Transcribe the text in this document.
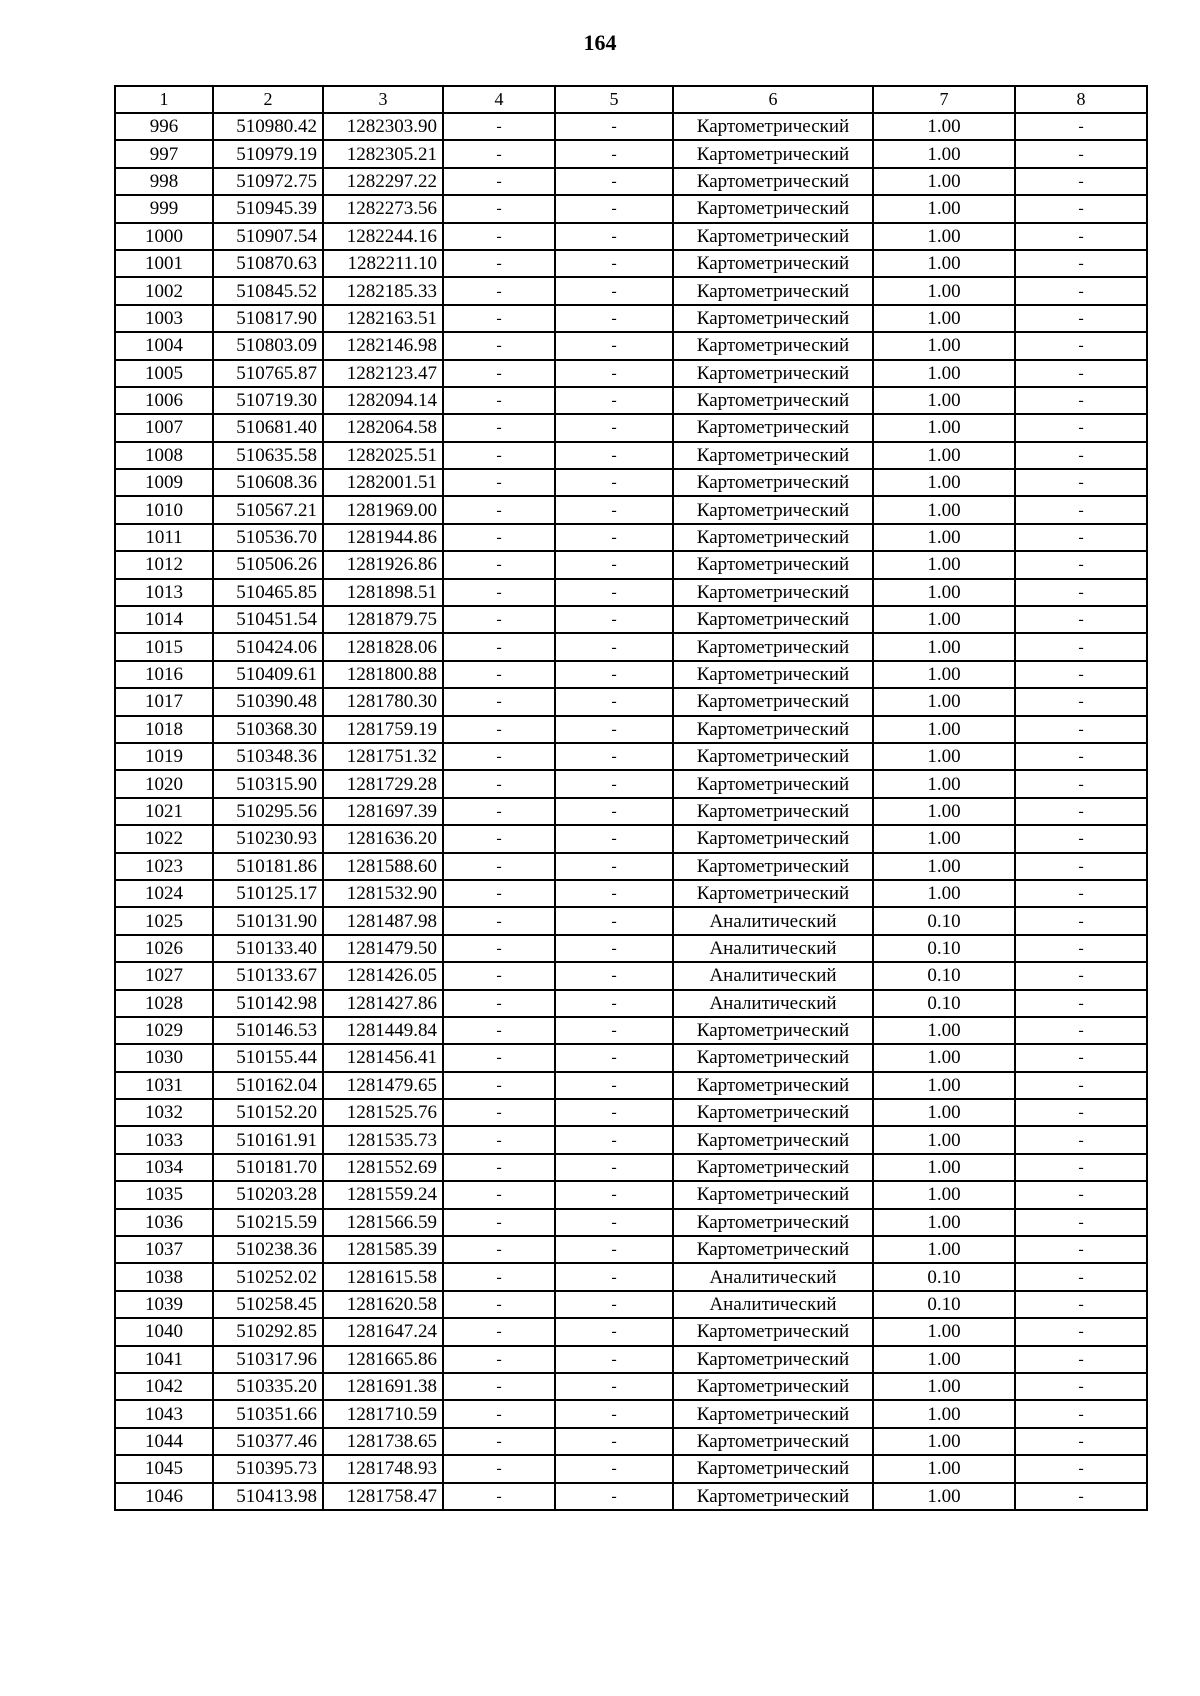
164
1	2	3	4	5	6	7	8
996	510980.42	1282303.90	-	-	Картометрический	1.00	-
997	510979.19	1282305.21	-	-	Картометрический	1.00	-
998	510972.75	1282297.22	-	-	Картометрический	1.00	-
999	510945.39	1282273.56	-	-	Картометрический	1.00	-
1000	510907.54	1282244.16	-	-	Картометрический	1.00	-
1001	510870.63	1282211.10	-	-	Картометрический	1.00	-
1002	510845.52	1282185.33	-	-	Картометрический	1.00	-
1003	510817.90	1282163.51	-	-	Картометрический	1.00	-
1004	510803.09	1282146.98	-	-	Картометрический	1.00	-
1005	510765.87	1282123.47	-	-	Картометрический	1.00	-
1006	510719.30	1282094.14	-	-	Картометрический	1.00	-
1007	510681.40	1282064.58	-	-	Картометрический	1.00	-
1008	510635.58	1282025.51	-	-	Картометрический	1.00	-
1009	510608.36	1282001.51	-	-	Картометрический	1.00	-
1010	510567.21	1281969.00	-	-	Картометрический	1.00	-
1011	510536.70	1281944.86	-	-	Картометрический	1.00	-
1012	510506.26	1281926.86	-	-	Картометрический	1.00	-
1013	510465.85	1281898.51	-	-	Картометрический	1.00	-
1014	510451.54	1281879.75	-	-	Картометрический	1.00	-
1015	510424.06	1281828.06	-	-	Картометрический	1.00	-
1016	510409.61	1281800.88	-	-	Картометрический	1.00	-
1017	510390.48	1281780.30	-	-	Картометрический	1.00	-
1018	510368.30	1281759.19	-	-	Картометрический	1.00	-
1019	510348.36	1281751.32	-	-	Картометрический	1.00	-
1020	510315.90	1281729.28	-	-	Картометрический	1.00	-
1021	510295.56	1281697.39	-	-	Картометрический	1.00	-
1022	510230.93	1281636.20	-	-	Картометрический	1.00	-
1023	510181.86	1281588.60	-	-	Картометрический	1.00	-
1024	510125.17	1281532.90	-	-	Картометрический	1.00	-
1025	510131.90	1281487.98	-	-	Аналитический	0.10	-
1026	510133.40	1281479.50	-	-	Аналитический	0.10	-
1027	510133.67	1281426.05	-	-	Аналитический	0.10	-
1028	510142.98	1281427.86	-	-	Аналитический	0.10	-
1029	510146.53	1281449.84	-	-	Картометрический	1.00	-
1030	510155.44	1281456.41	-	-	Картометрический	1.00	-
1031	510162.04	1281479.65	-	-	Картометрический	1.00	-
1032	510152.20	1281525.76	-	-	Картометрический	1.00	-
1033	510161.91	1281535.73	-	-	Картометрический	1.00	-
1034	510181.70	1281552.69	-	-	Картометрический	1.00	-
1035	510203.28	1281559.24	-	-	Картометрический	1.00	-
1036	510215.59	1281566.59	-	-	Картометрический	1.00	-
1037	510238.36	1281585.39	-	-	Картометрический	1.00	-
1038	510252.02	1281615.58	-	-	Аналитический	0.10	-
1039	510258.45	1281620.58	-	-	Аналитический	0.10	-
1040	510292.85	1281647.24	-	-	Картометрический	1.00	-
1041	510317.96	1281665.86	-	-	Картометрический	1.00	-
1042	510335.20	1281691.38	-	-	Картометрический	1.00	-
1043	510351.66	1281710.59	-	-	Картометрический	1.00	-
1044	510377.46	1281738.65	-	-	Картометрический	1.00	-
1045	510395.73	1281748.93	-	-	Картометрический	1.00	-
1046	510413.98	1281758.47	-	-	Картометрический	1.00	-
